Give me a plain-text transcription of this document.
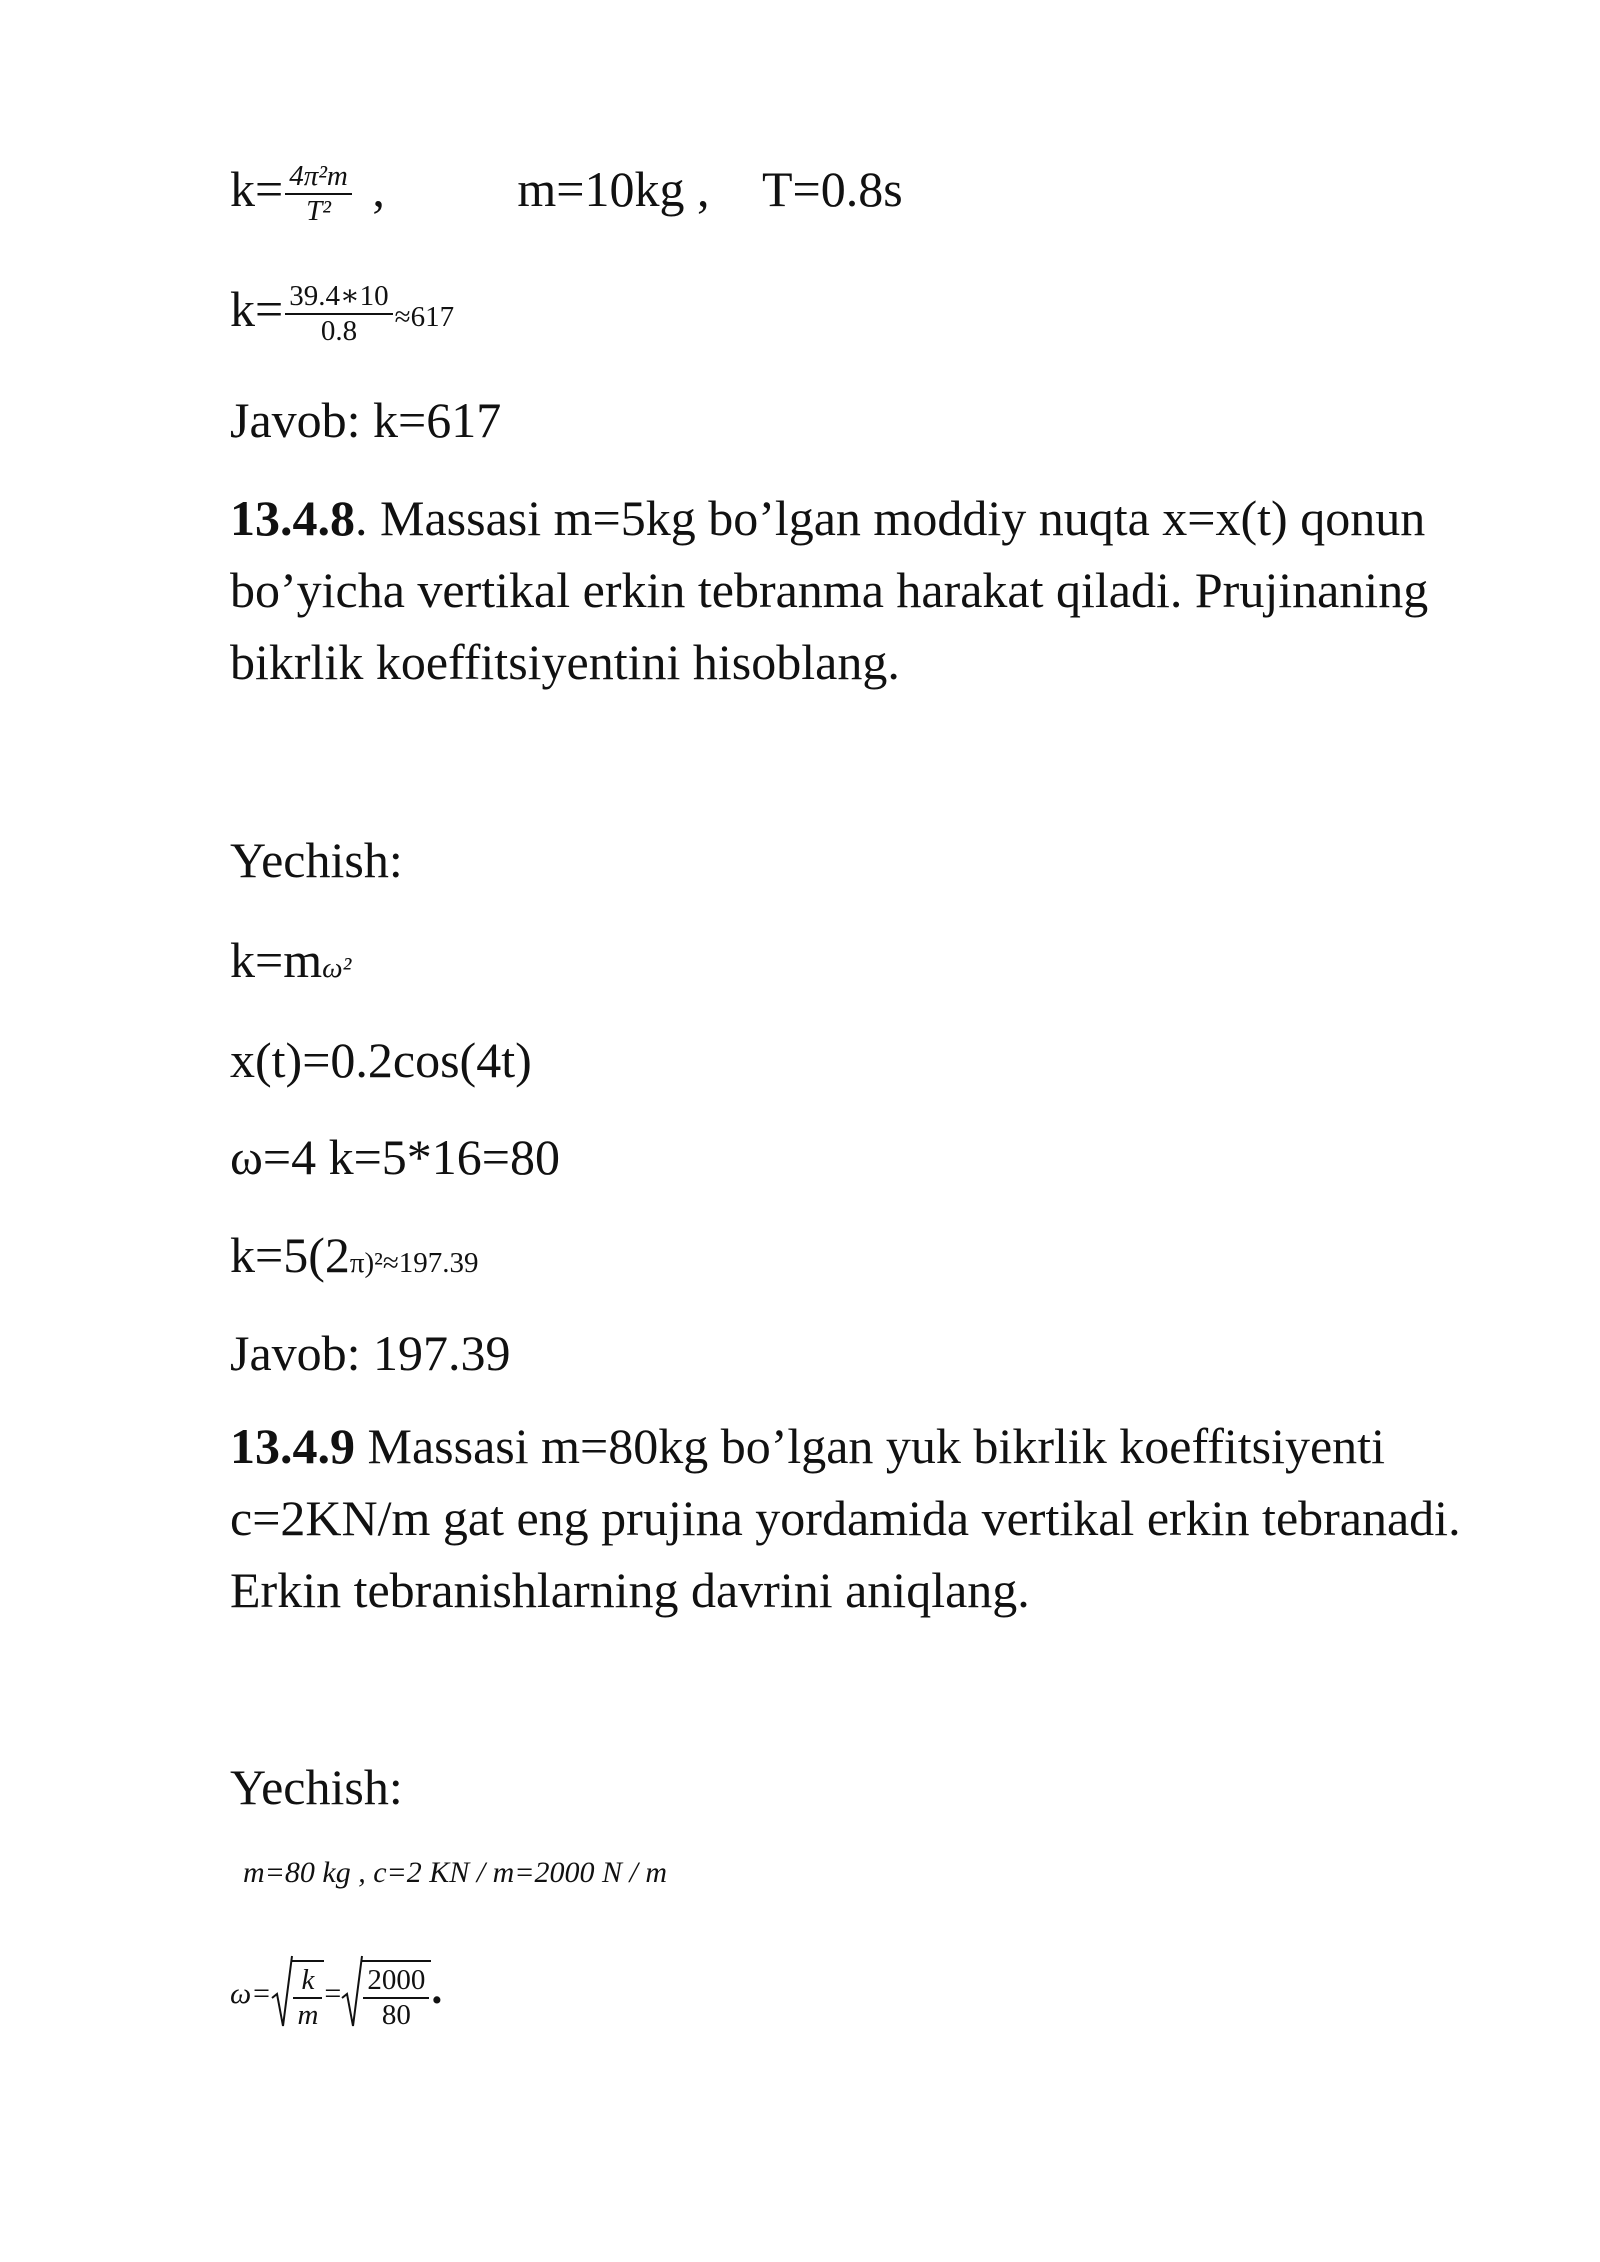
$k= \frac{\text{4π²m}}{\text{T²}}$ ,	m=10kg , T=0.8s
$k= \frac{39.4∗10}{0.8} \approx 617$
Javob: k=617

13.4.8. Massasi m=5kg bo’lgan moddiy nuqta x=x(t) qonun bo’yicha vertikal erkin tebranma harakat qiladi. Prujinaning bikrlik koeffitsiyentini hisoblang.

Yechish:
k=mω²
x(t)=0.2cos(4t)
ω=4 k=5*16=80
k=5(2π)²≈197.39
Javob: 197.39

13.4.9 Massasi m=80kg bo’lgan yuk bikrlik koeffitsiyenti c=2KN/m gat eng prujina yordamida vertikal erkin tebranadi. Erkin tebranishlarning davrini aniqlang.

Yechish:
m=80 kg , c=2 KN / m=2000 N / m
$\omega= \frac{k}{m} = \frac{2000}{80}$ .
